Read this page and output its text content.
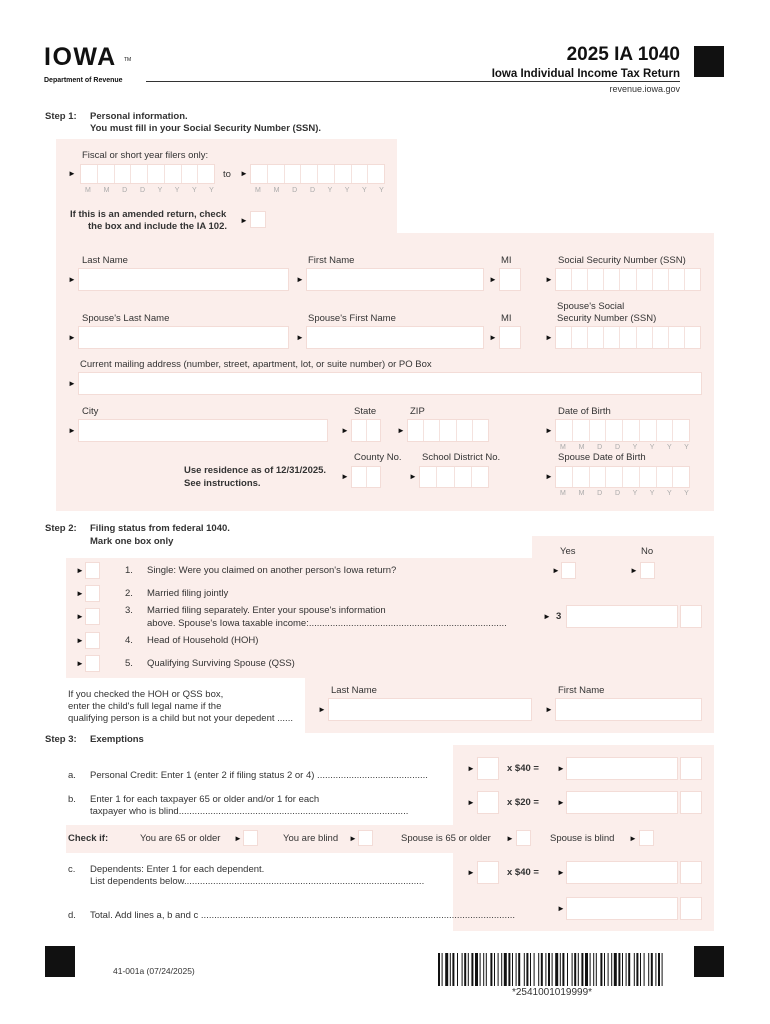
IOWA TM
Department of Revenue
2025 IA 1040
Iowa Individual Income Tax Return
revenue.iowa.gov
Step 1: Personal information.
You must fill in your Social Security Number (SSN).
Fiscal or short year filers only:
►
M M D D Y Y Y Y
to ►
M M D D Y Y Y Y
If this is an amended return, check
the box and include the IA 102.
►
Last Name	First Name	MI	Social Security Number (SSN)
►	►	►	►
Spouse's Last Name	Spouse's First Name	MI
Spouse's Social
Security Number (SSN)
►	►	►	►
Current mailing address (number, street, apartment, lot, or suite number) or PO Box
►
City	State	ZIP	Date of Birth
►	►	►	►
M M D D Y Y Y Y
County No. School District No.	Spouse Date of Birth
Use residence as of 12/31/2025.
See instructions.
►	►	►
M M D D Y Y Y Y
Step 2: Filing status from federal 1040.
Mark one box only
Yes	No
►	1. Single: Were you claimed on another person's Iowa return?	►	►
►	2. Married filing jointly
►
3. Married filing separately. Enter your spouse's information
above. Spouse's Iowa taxable income:...........................................................................
► 3
►	4. Head of Household (HOH)
►	5. Qualifying Surviving Spouse (QSS)
If you checked the HOH or QSS box,
enter the child's full legal name if the
qualifying person is a child but not your depedent ......
Last Name	First Name
►	►
Step 3: Exemptions
a. Personal Credit: Enter 1 (enter 2 if filing status 2 or 4) ..........................................
►	x $40 = ►
b. Enter 1 for each taxpayer 65 or older and/or 1 for each
taxpayer who is blind.......................................................................................
►	x $20 = ►
Check if:	You are 65 or older ►	You are blind ►	Spouse is 65 or older ►	Spouse is blind ►
c. Dependents: Enter 1 for each dependent.
List dependents below...........................................................................................
►	x $40 = ►
d. Total. Add lines a, b and c .......................................................................................................................
►
41-001a (07/24/2025)
*2541001019999*
